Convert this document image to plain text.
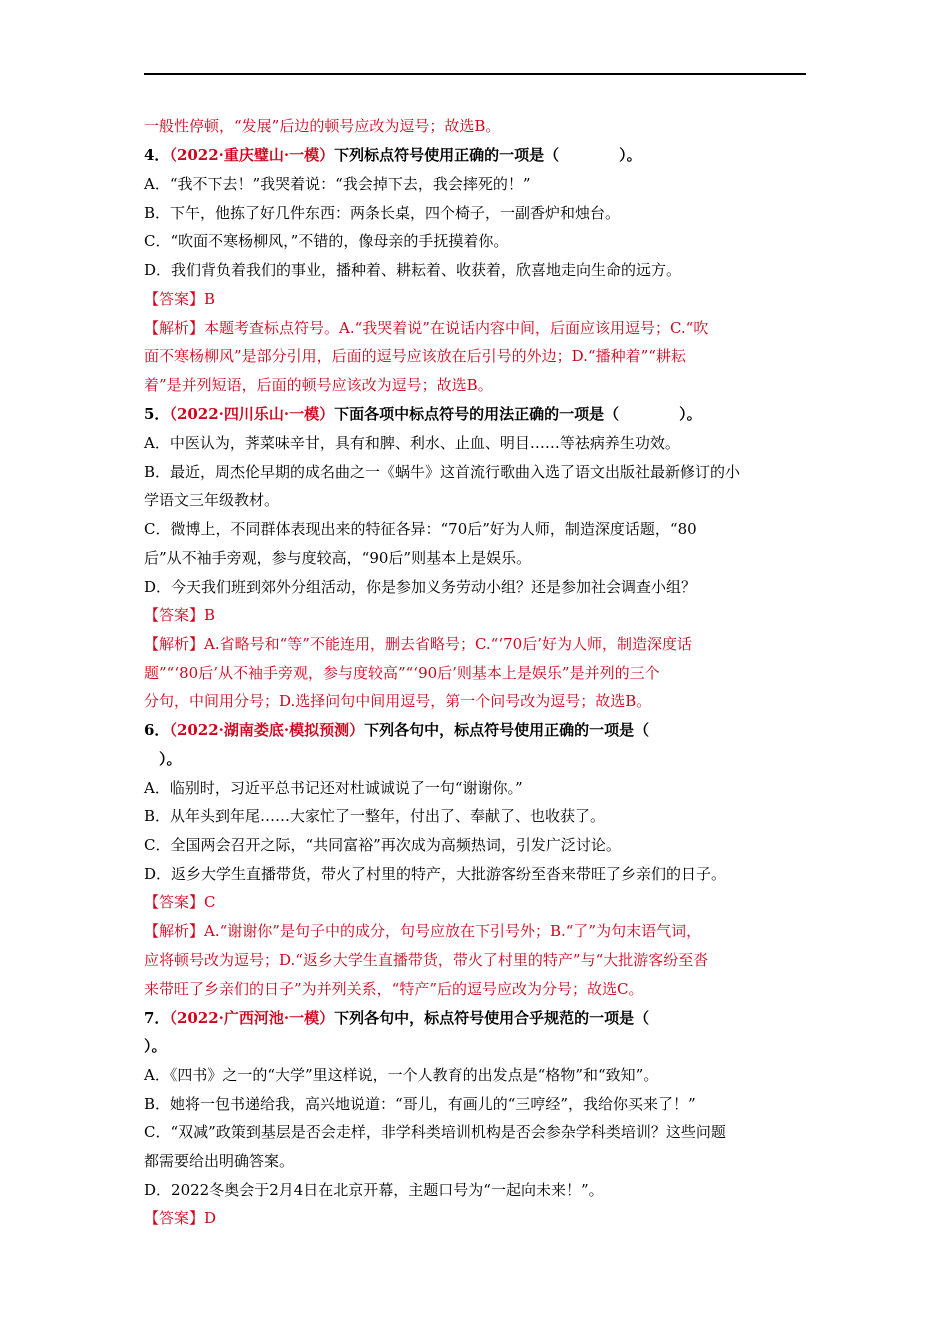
一般性停顿，“发展”后边的顿号应改为逗号；故选B。
4．（2022·重庆璧山·一模）下列标点符号使用正确的一项是（　　　　）。
A．“我不下去！”我哭着说：“我会掉下去，我会摔死的！”
B．下午，他拣了好几件东西：两条长桌，四个椅子，一副香炉和烛台。
C．“吹面不寒杨柳风，”不错的，像母亲的手抚摸着你。
D．我们背负着我们的事业，播种着、耕耘着、收获着，欣喜地走向生命的远方。
【答案】B
【解析】本题考查标点符号。A.“我哭着说”在说话内容中间，后面应该用逗号；C.“吹
面不寒杨柳风”是部分引用，后面的逗号应该放在后引号的外边；D.“播种着”“耕耘
着”是并列短语，后面的顿号应该改为逗号；故选B。
5．（2022·四川乐山·一模）下面各项中标点符号的用法正确的一项是（　　　　）。
A．中医认为，荠菜味辛甘，具有和脾、利水、止血、明目……等祛病养生功效。
B．最近，周杰伦早期的成名曲之一《蜗牛》这首流行歌曲入选了语文出版社最新修订的小
学语文三年级教材。
C．微博上，不同群体表现出来的特征各异：“70后”好为人师，制造深度话题，“80
后”从不袖手旁观，参与度较高，“90后”则基本上是娱乐。
D．今天我们班到郊外分组活动，你是参加义务劳动小组？还是参加社会调查小组？
【答案】B
【解析】A.省略号和“等”不能连用，删去省略号；C.“‘70后’好为人师，制造深度话
题”“‘80后’从不袖手旁观，参与度较高”“‘90后’则基本上是娱乐”是并列的三个
分句，中间用分号；D.选择问句中间用逗号，第一个问号改为逗号；故选B。
6．（2022·湖南娄底·模拟预测）下列各句中，标点符号使用正确的一项是（
　）。
A．临别时，习近平总书记还对杜诚诚说了一句“谢谢你。”
B．从年头到年尾……大家忙了一整年，付出了、奉献了、也收获了。
C．全国两会召开之际，“共同富裕”再次成为高频热词，引发广泛讨论。
D．返乡大学生直播带货，带火了村里的特产，大批游客纷至沓来带旺了乡亲们的日子。
【答案】C
【解析】A.“谢谢你”是句子中的成分，句号应放在下引号外；B.“了”为句末语气词，
应将顿号改为逗号；D.“返乡大学生直播带货，带火了村里的特产”与“大批游客纷至沓
来带旺了乡亲们的日子”为并列关系，“特产”后的逗号应改为分号；故选C。
7．（2022·广西河池·一模）下列各句中，标点符号使用合乎规范的一项是（
）。
A．《四书》之一的“大学”里这样说，一个人教育的出发点是“格物”和“致知”。
B．她将一包书递给我，高兴地说道：“哥儿，有画儿的“三哼经”，我给你买来了！”
C．“双减”政策到基层是否会走样，非学科类培训机构是否会参杂学科类培训？这些问题
都需要给出明确答案。
D．2022冬奥会于2月4日在北京开幕，主题口号为“一起向未来！”。
【答案】D
